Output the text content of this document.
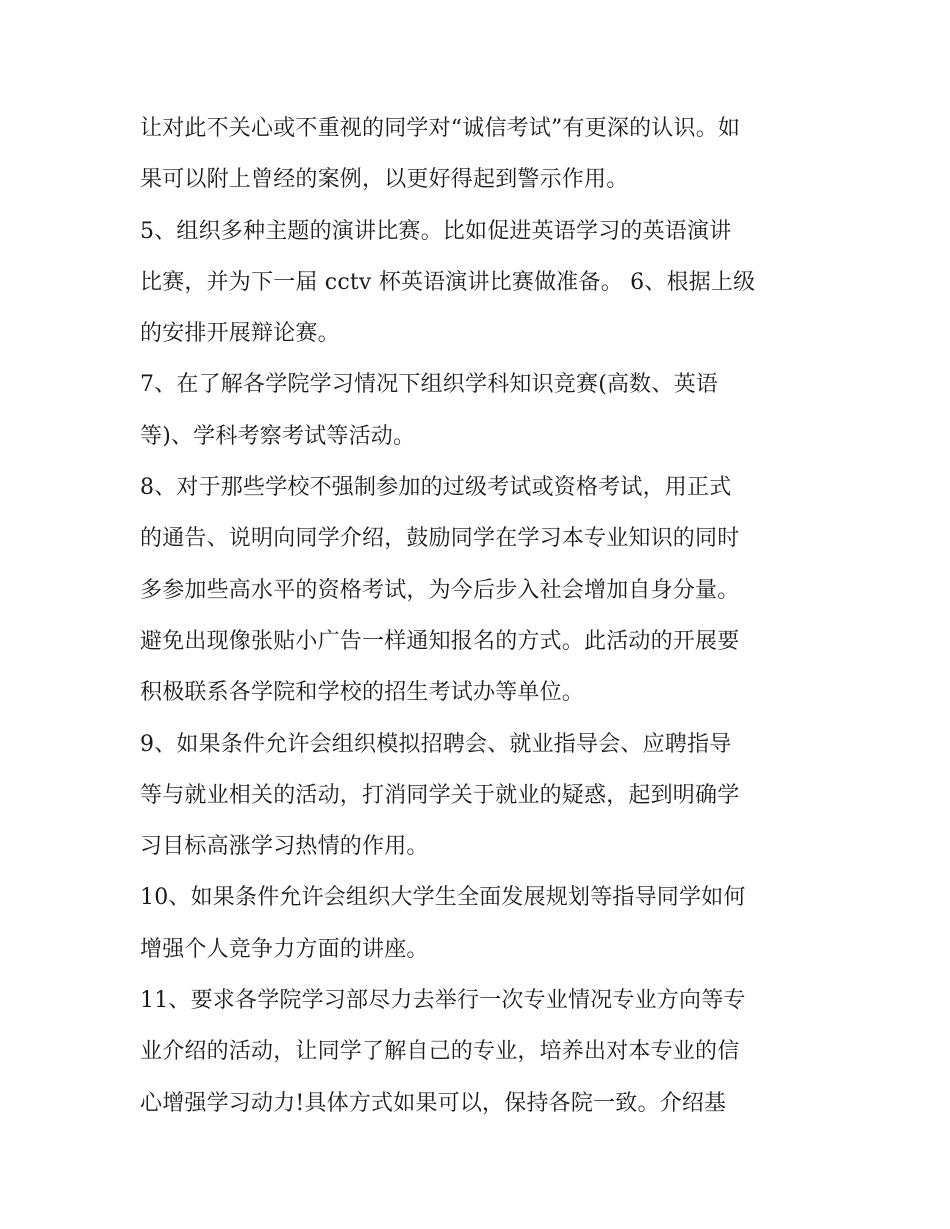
让对此不关心或不重视的同学对“诚信考试”有更深的认识。如
果可以附上曾经的案例，以更好得起到警示作用。
5、组织多种主题的演讲比赛。比如促进英语学习的英语演讲
比赛，并为下一届 cctv 杯英语演讲比赛做准备。 6、根据上级
的安排开展辩论赛。
7、在了解各学院学习情况下组织学科知识竞赛(高数、英语
等)、学科考察考试等活动。
8、对于那些学校不强制参加的过级考试或资格考试，用正式
的通告、说明向同学介绍，鼓励同学在学习本专业知识的同时
多参加些高水平的资格考试，为今后步入社会增加自身分量。
避免出现像张贴小广告一样通知报名的方式。此活动的开展要
积极联系各学院和学校的招生考试办等单位。
9、如果条件允许会组织模拟招聘会、就业指导会、应聘指导
等与就业相关的活动，打消同学关于就业的疑惑，起到明确学
习目标高涨学习热情的作用。
10、如果条件允许会组织大学生全面发展规划等指导同学如何
增强个人竞争力方面的讲座。
11、要求各学院学习部尽力去举行一次专业情况专业方向等专
业介绍的活动，让同学了解自己的专业，培养出对本专业的信
心增强学习动力!具体方式如果可以，保持各院一致。介绍基
